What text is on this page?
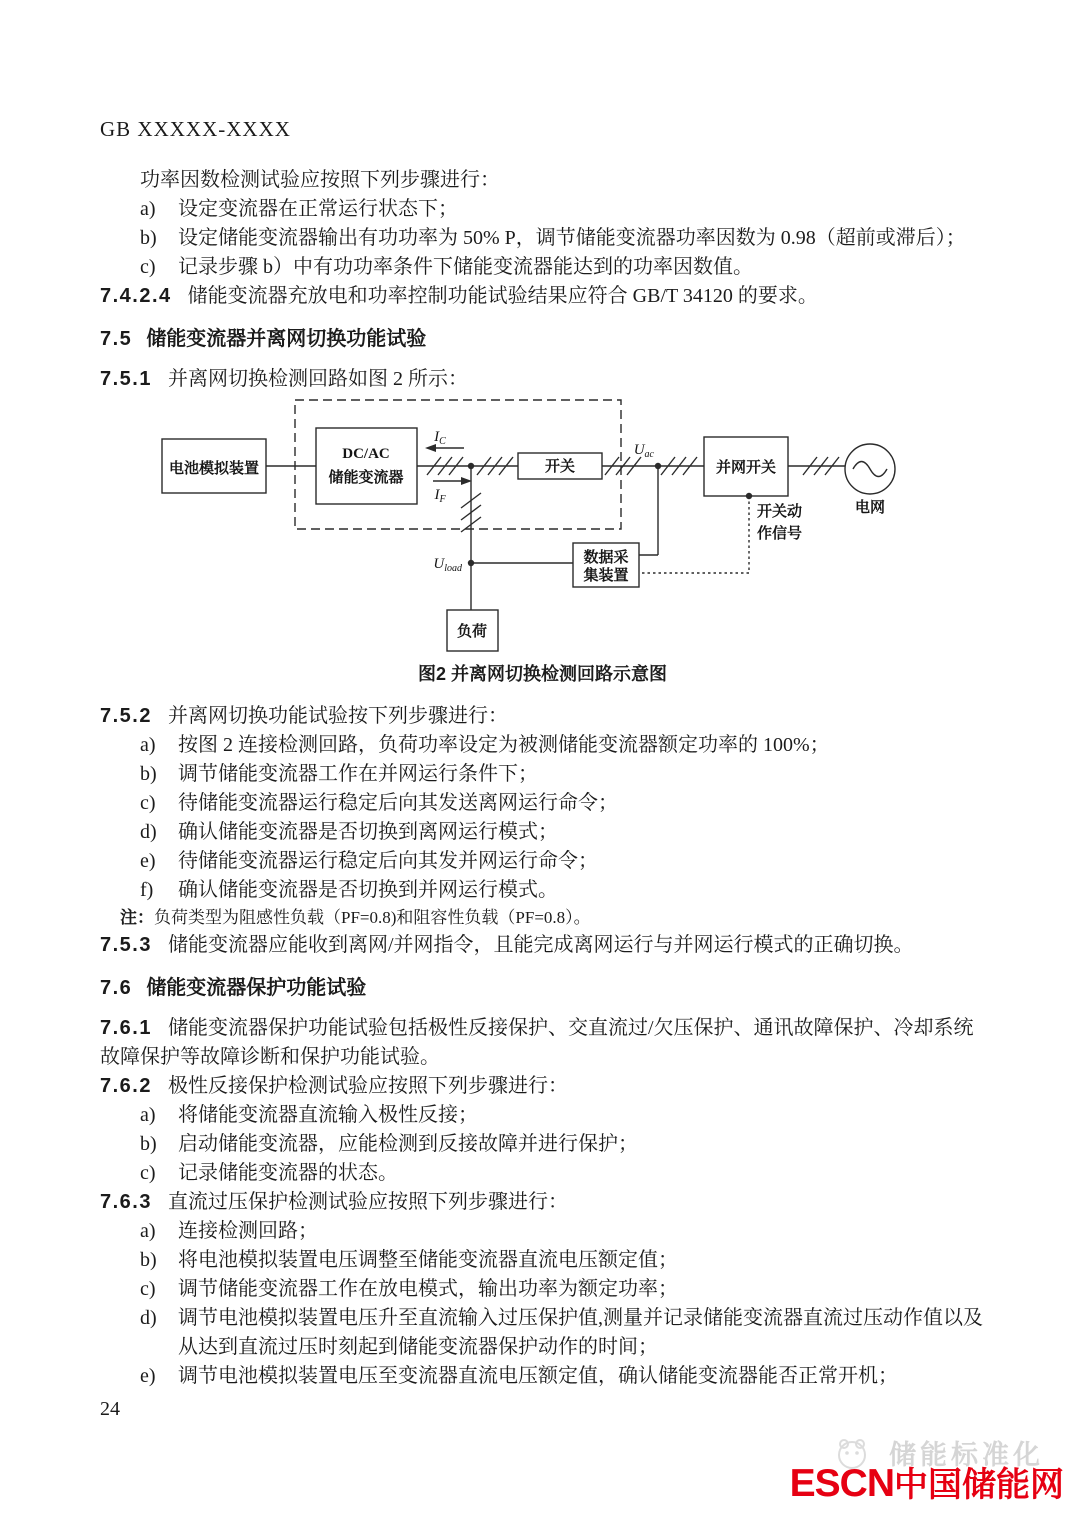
GB XXXXX-XXXX

功率因数检测试验应按照下列步骤进行：

a) 设定变流器在正常运行状态下；
b) 设定储能变流器输出有功功率为 50% P，调节储能变流器功率因数为 0.98（超前或滞后）；
c) 记录步骤 b）中有功功率条件下储能变流器能达到的功率因数值。

7.4.2.4 储能变流器充放电和功率控制功能试验结果应符合 GB/T 34120 的要求。

7.5 储能变流器并离网切换功能试验

7.5.1 并离网切换检测回路如图 2 所示：

电池模拟装置
DC/AC
储能变流器
开关	并网开关
数据采
集装置
负荷
电网
开关动
作信号
$I_C$
$I_F$
$U_{ac}$
$U_{load}$
图2 并离网切换检测回路示意图

7.5.2 并离网切换功能试验按下列步骤进行：

a) 按图 2 连接检测回路，负荷功率设定为被测储能变流器额定功率的 100%；
b) 调节储能变流器工作在并网运行条件下；
c) 待储能变流器运行稳定后向其发送离网运行命令；
d) 确认储能变流器是否切换到离网运行模式；
e) 待储能变流器运行稳定后向其发并网运行命令；
f) 确认储能变流器是否切换到并网运行模式。

注：负荷类型为阻感性负载（PF=0.8)和阻容性负载（PF=0.8）。

7.5.3 储能变流器应能收到离网/并网指令，且能完成离网运行与并网运行模式的正确切换。

7.6 储能变流器保护功能试验

7.6.1 储能变流器保护功能试验包括极性反接保护、交直流过/欠压保护、通讯故障保护、冷却系统故障保护等故障诊断和保护功能试验。

7.6.2 极性反接保护检测试验应按照下列步骤进行：

a) 将储能变流器直流输入极性反接；
b) 启动储能变流器，应能检测到反接故障并进行保护；
c) 记录储能变流器的状态。

7.6.3 直流过压保护检测试验应按照下列步骤进行：

a) 连接检测回路；
b) 将电池模拟装置电压调整至储能变流器直流电压额定值；
c) 调节储能变流器工作在放电模式，输出功率为额定功率；
d) 调节电池模拟装置电压升至直流输入过压保护值,测量并记录储能变流器直流过压动作值以及从达到直流过压时刻起到储能变流器保护动作的时间；
e) 调节电池模拟装置电压至变流器直流电压额定值，确认储能变流器能否正常开机；
24
储能标准化
ESCN中国储能网
